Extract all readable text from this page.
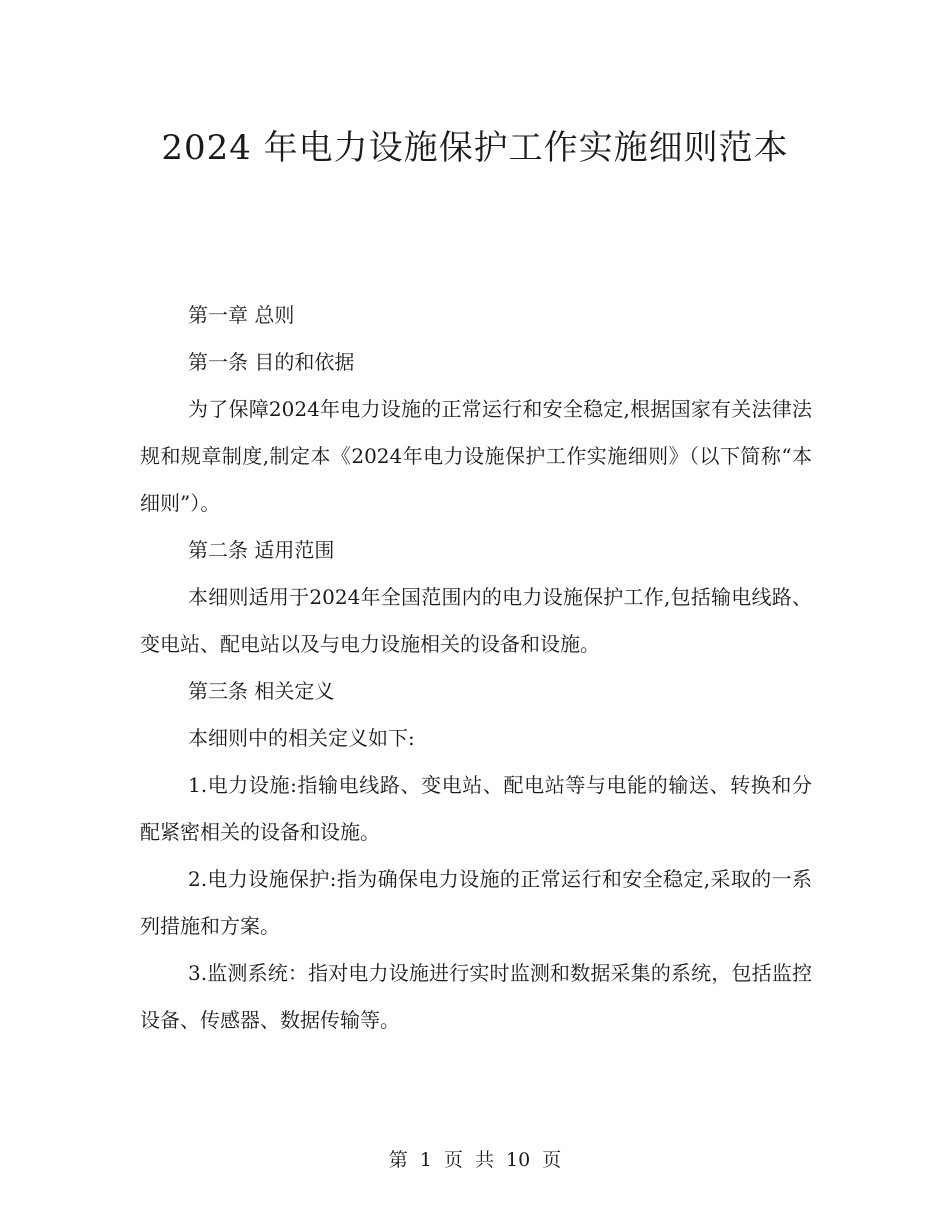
2024 年电力设施保护工作实施细则范本

第一章 总则

第一条 目的和依据

为了保障2024年电力设施的正常运行和安全稳定,根据国家有关法律法规和规章制度,制定本《2024年电力设施保护工作实施细则》（以下简称“本细则”）。

第二条 适用范围

本细则适用于2024年全国范围内的电力设施保护工作,包括输电线路、变电站、配电站以及与电力设施相关的设备和设施。

第三条 相关定义

本细则中的相关定义如下:

1.电力设施:指输电线路、变电站、配电站等与电能的输送、转换和分配紧密相关的设备和设施。

2.电力设施保护:指为确保电力设施的正常运行和安全稳定,采取的一系列措施和方案。

3.监测系统：指对电力设施进行实时监测和数据采集的系统，包括监控设备、传感器、数据传输等。

第 1 页 共 10 页
